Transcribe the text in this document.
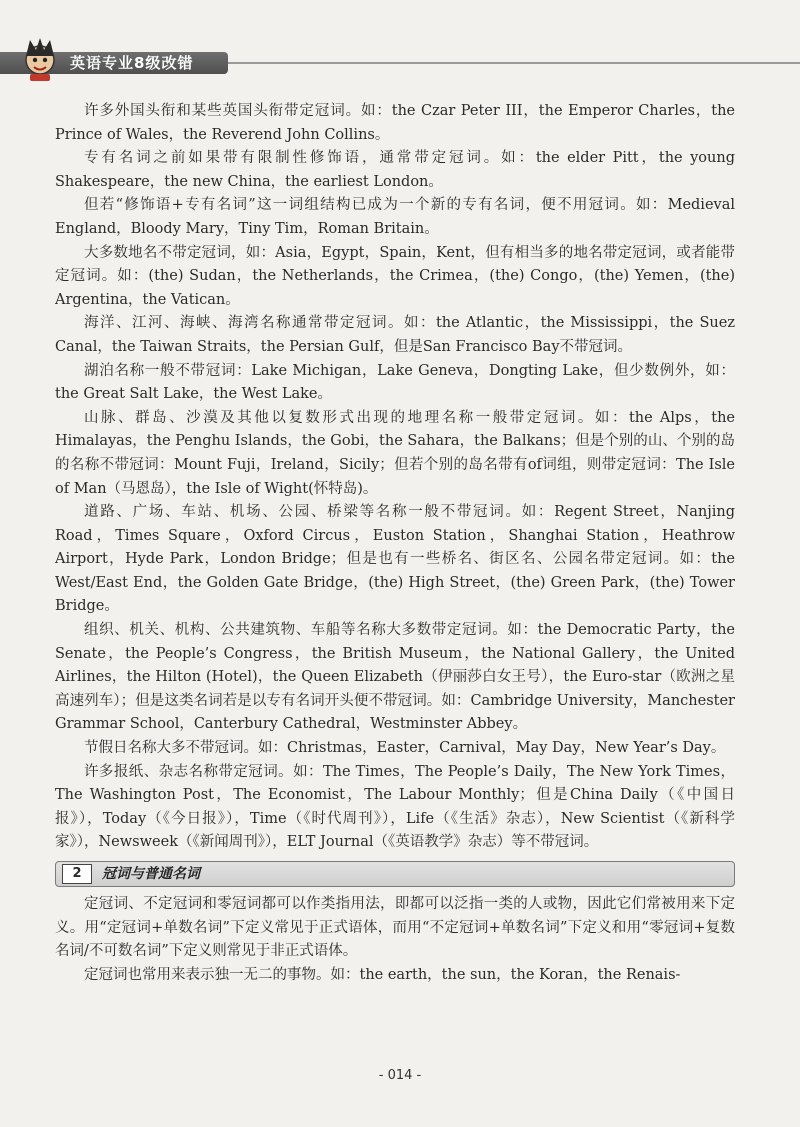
英语专业8级改错

许多外国头衔和某些英国头衔带定冠词。如：the Czar Peter III，the Emperor Charles，the Prince of Wales，the Reverend John Collins。

专有名词之前如果带有限制性修饰语，通常带定冠词。如：the elder Pitt，the young Shakespeare，the new China，the earliest London。

但若“修饰语+专有名词”这一词组结构已成为一个新的专有名词，便不用冠词。如：Medieval England，Bloody Mary，Tiny Tim，Roman Britain。

大多数地名不带定冠词，如：Asia，Egypt，Spain，Kent，但有相当多的地名带定冠词，或者能带定冠词。如：(the) Sudan，the Netherlands，the Crimea，(the) Congo，(the) Yemen，(the) Argentina，the Vatican。

海洋、江河、海峡、海湾名称通常带定冠词。如：the Atlantic，the Mississippi，the Suez Canal，the Taiwan Straits，the Persian Gulf，但是San Francisco Bay不带冠词。

湖泊名称一般不带冠词：Lake Michigan，Lake Geneva，Dongting Lake，但少数例外，如：the Great Salt Lake，the West Lake。

山脉、群岛、沙漠及其他以复数形式出现的地理名称一般带定冠词。如：the Alps，the Himalayas，the Penghu Islands，the Gobi，the Sahara，the Balkans；但是个别的山、个别的岛的名称不带冠词：Mount Fuji，Ireland，Sicily；但若个别的岛名带有of词组，则带定冠词：The Isle of Man（马恩岛），the Isle of Wight(怀特岛)。

道路、广场、车站、机场、公园、桥梁等名称一般不带冠词。如：Regent Street，Nanjing Road，Times Square，Oxford Circus，Euston Station，Shanghai Station，Heathrow Airport，Hyde Park，London Bridge；但是也有一些桥名、街区名、公园名带定冠词。如：the West/East End，the Golden Gate Bridge，(the) High Street，(the) Green Park，(the) Tower Bridge。

组织、机关、机构、公共建筑物、车船等名称大多数带定冠词。如：the Democratic Party，the Senate，the People’s Congress，the British Museum，the National Gallery，the United Airlines，the Hilton (Hotel)，the Queen Elizabeth（伊丽莎白女王号），the Euro-star（欧洲之星高速列车）；但是这类名词若是以专有名词开头便不带冠词。如：Cambridge University，Manchester Grammar School，Canterbury Cathedral，Westminster Abbey。

节假日名称大多不带冠词。如：Christmas，Easter，Carnival，May Day，New Year’s Day。

许多报纸、杂志名称带定冠词。如：The Times，The People’s Daily，The New York Times，The Washington Post，The Economist，The Labour Monthly；但是China Daily（《中国日报》），Today（《今日报》），Time（《时代周刊》），Life（《生活》杂志），New Scientist（《新科学家》），Newsweek（《新闻周刊》），ELT Journal（《英语教学》杂志）等不带冠词。

2	冠词与普通名词

定冠词、不定冠词和零冠词都可以作类指用法，即都可以泛指一类的人或物，因此它们常被用来下定义。用“定冠词+单数名词”下定义常见于正式语体，而用“不定冠词+单数名词”下定义和用“零冠词+复数名词/不可数名词”下定义则常见于非正式语体。

定冠词也常用来表示独一无二的事物。如：the earth，the sun，the Koran，the Renais-

- 014 -
